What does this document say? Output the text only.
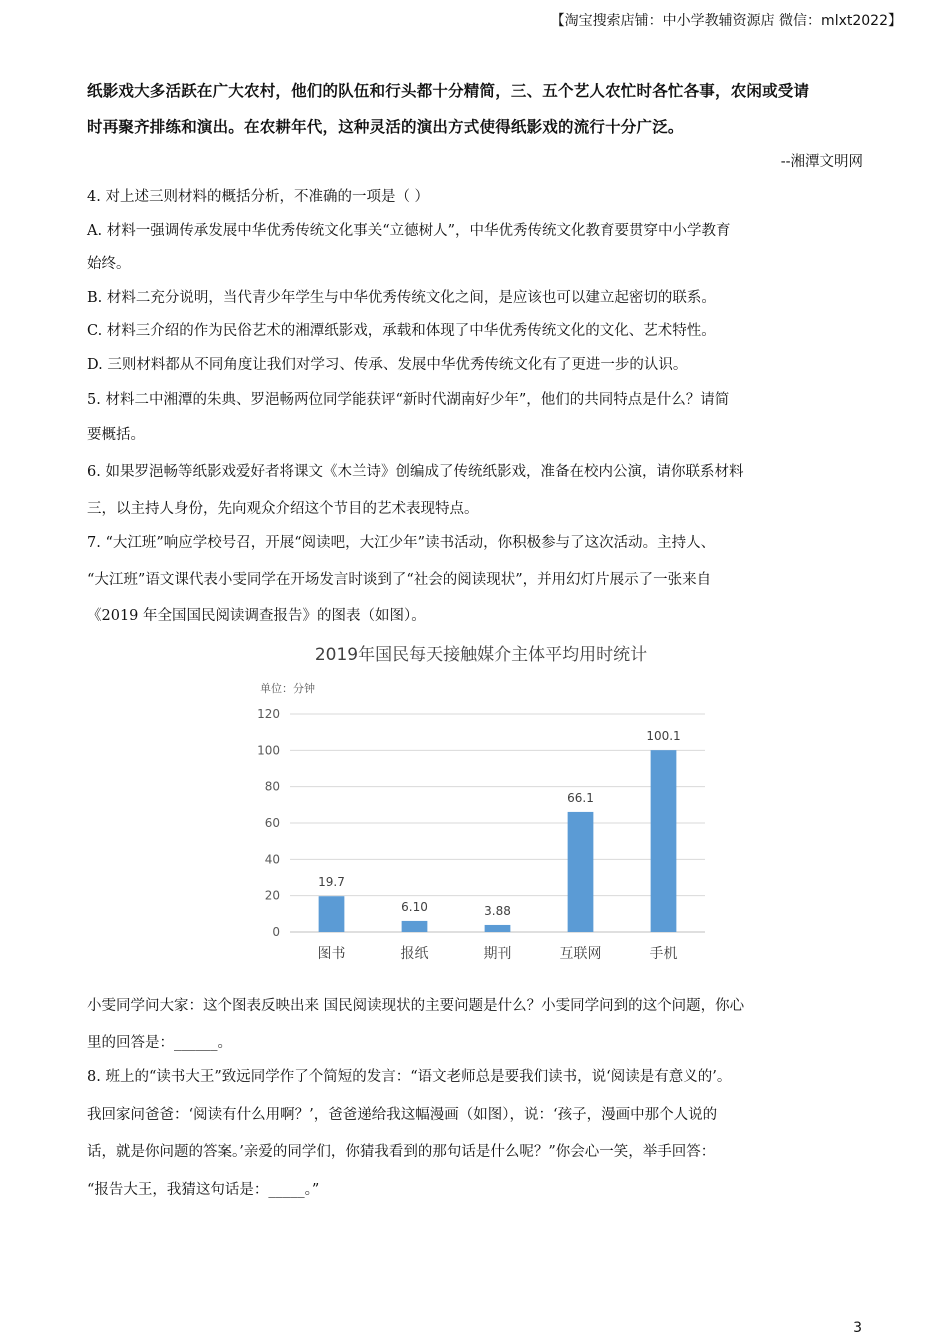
【淘宝搜索店铺：中小学教辅资源店 微信：mlxt2022】
纸影戏大多活跃在广大农村，他们的队伍和行头都十分精简，三、五个艺人农忙时各忙各事，农闲或受请
时再聚齐排练和演出。在农耕年代，这种灵活的演出方式使得纸影戏的流行十分广泛。
--湘潭文明网
4. 对上述三则材料的概括分析，不准确的一项是（ ）
A. 材料一强调传承发展中华优秀传统文化事关“立德树人”，中华优秀传统文化教育要贯穿中小学教育
始终。
B. 材料二充分说明，当代青少年学生与中华优秀传统文化之间，是应该也可以建立起密切的联系。
C. 材料三介绍的作为民俗艺术的湘潭纸影戏，承载和体现了中华优秀传统文化的文化、艺术特性。
D. 三则材料都从不同角度让我们对学习、传承、发展中华优秀传统文化有了更进一步的认识。
5. 材料二中湘潭的朱典、罗浥畅两位同学能获评“新时代湖南好少年”，他们的共同特点是什么？请简
要概括。
6. 如果罗浥畅等纸影戏爱好者将课文《木兰诗》创编成了传统纸影戏，准备在校内公演，请你联系材料
三，以主持人身份，先向观众介绍这个节目的艺术表现特点。
7. “大江班”响应学校号召，开展“阅读吧，大江少年”读书活动，你积极参与了这次活动。主持人、
“大江班”语文课代表小雯同学在开场发言时谈到了“社会的阅读现状”，并用幻灯片展示了一张来自
《2019 年全国国民阅读调查报告》的图表（如图）。
2019年国民每天接触媒介主体平均用时统计
单位：分钟
0
20
40
60
80
100
120
19.7
图书
6.10
报纸
3.88
期刊
66.1
互联网
100.1
手机
小雯同学问大家：这个图表反映出来 国民阅读现状的主要问题是什么？小雯同学问到的这个问题，你心
里的回答是：______。
8. 班上的“读书大王”致远同学作了个简短的发言：“语文老师总是要我们读书，说‘阅读是有意义的’。
我回家问爸爸：‘阅读有什么用啊？’，爸爸递给我这幅漫画（如图），说：‘孩子，漫画中那个人说的
话，就是你问题的答案。’亲爱的同学们，你猜我看到的那句话是什么呢？”你会心一笑，举手回答：
“报告大王，我猜这句话是：_____。”
3
